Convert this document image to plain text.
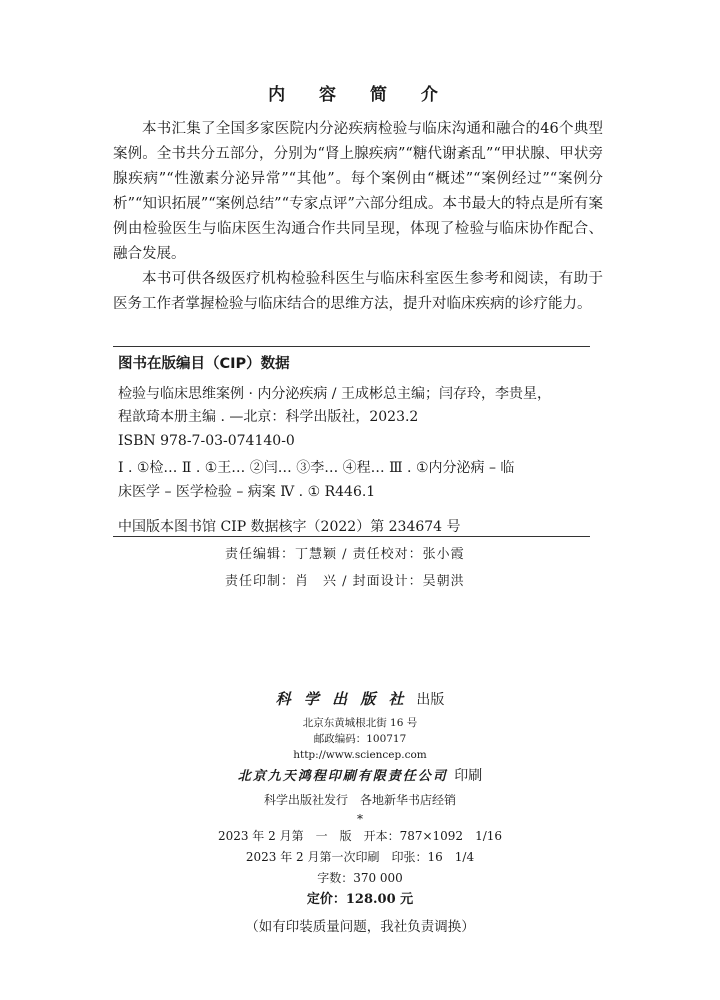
内 容 简 介

本书汇集了全国多家医院内分泌疾病检验与临床沟通和融合的46个典型案例。全书共分五部分，分别为“肾上腺疾病”“糖代谢紊乱”“甲状腺、甲状旁腺疾病”“性激素分泌异常”“其他”。每个案例由“概述”“案例经过”“案例分析”“知识拓展”“案例总结”“专家点评”六部分组成。本书最大的特点是所有案例由检验医生与临床医生沟通合作共同呈现，体现了检验与临床协作配合、融合发展。

本书可供各级医疗机构检验科医生与临床科室医生参考和阅读，有助于医务工作者掌握检验与临床结合的思维方法，提升对临床疾病的诊疗能力。

图书在版编目（CIP）数据
检验与临床思维案例 · 内分泌疾病 / 王成彬总主编；闫存玲，李贵星，
程歆琦本册主编 . —北京：科学出版社，2023.2
ISBN 978-7-03-074140-0
Ⅰ . ①检… Ⅱ . ①王… ②闫… ③李… ④程… Ⅲ . ①内分泌病 – 临
床医学 – 医学检验 – 病案 Ⅳ . ① R446.1
中国版本图书馆 CIP 数据核字（2022）第 234674 号
责任编辑：丁慧颖 / 责任校对：张小霞
责任印制：肖　兴 / 封面设计：吴朝洪
科 学 出 版 社 出版
北京东黄城根北街 16 号
邮政编码：100717
http://www.sciencep.com
北京九天鸿程印刷有限责任公司 印刷
科学出版社发行　各地新华书店经销
*
2023 年 2 月第　一　版　开本：787×1092　1/16
2023 年 2 月第一次印刷　印张：16　1/4
字数：370 000
定价：128.00 元
（如有印装质量问题，我社负责调换）
